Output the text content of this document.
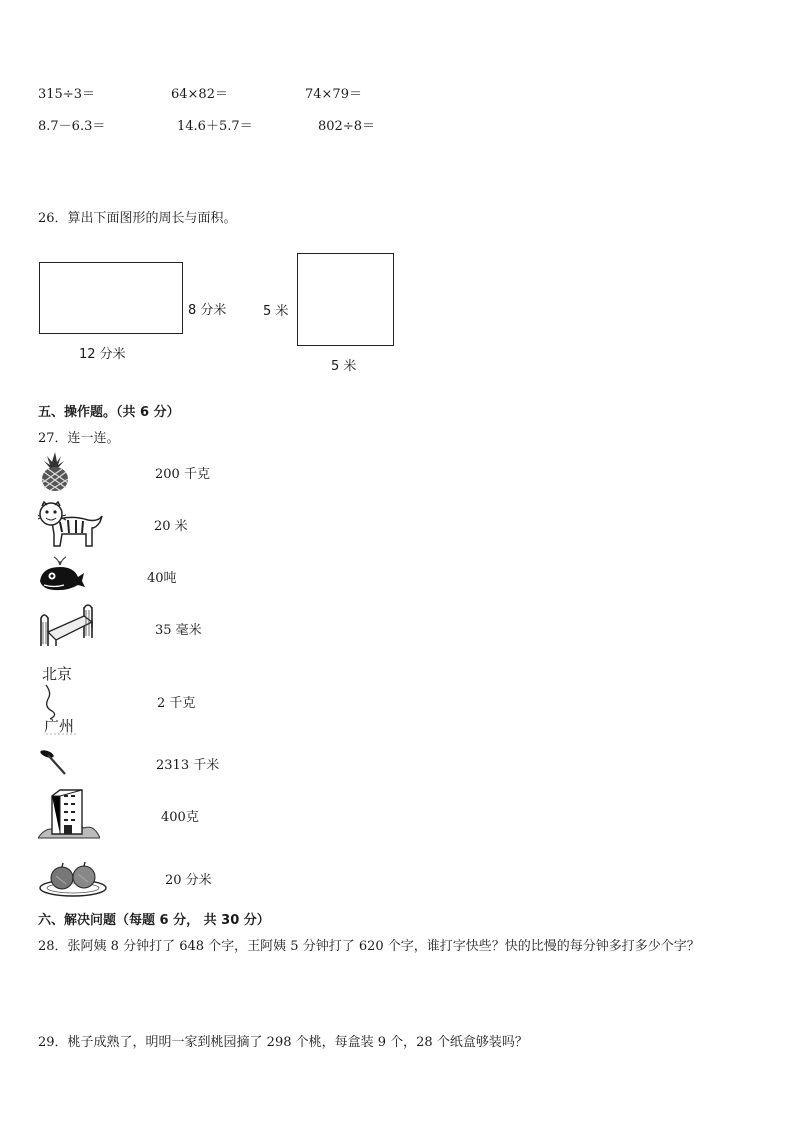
315÷3＝	64×82＝	74×79＝
8.7－6.3＝	14.6＋5.7＝	802÷8＝
26．算出下面图形的周长与面积。
8 分米
12 分米
5 米
5 米
五、操作题。（共 6 分）
27．连一连。
200 千克
20 米
40吨
35 毫米
北京
广州
2 千克
2313 千米
400克
20 分米
六、解决问题（每题 6 分， 共 30 分）
28．张阿姨 8 分钟打了 648 个字，王阿姨 5 分钟打了 620 个字，谁打字快些？快的比慢的每分钟多打多少个字？
29．桃子成熟了，明明一家到桃园摘了 298 个桃，每盒装 9 个，28 个纸盒够装吗？
